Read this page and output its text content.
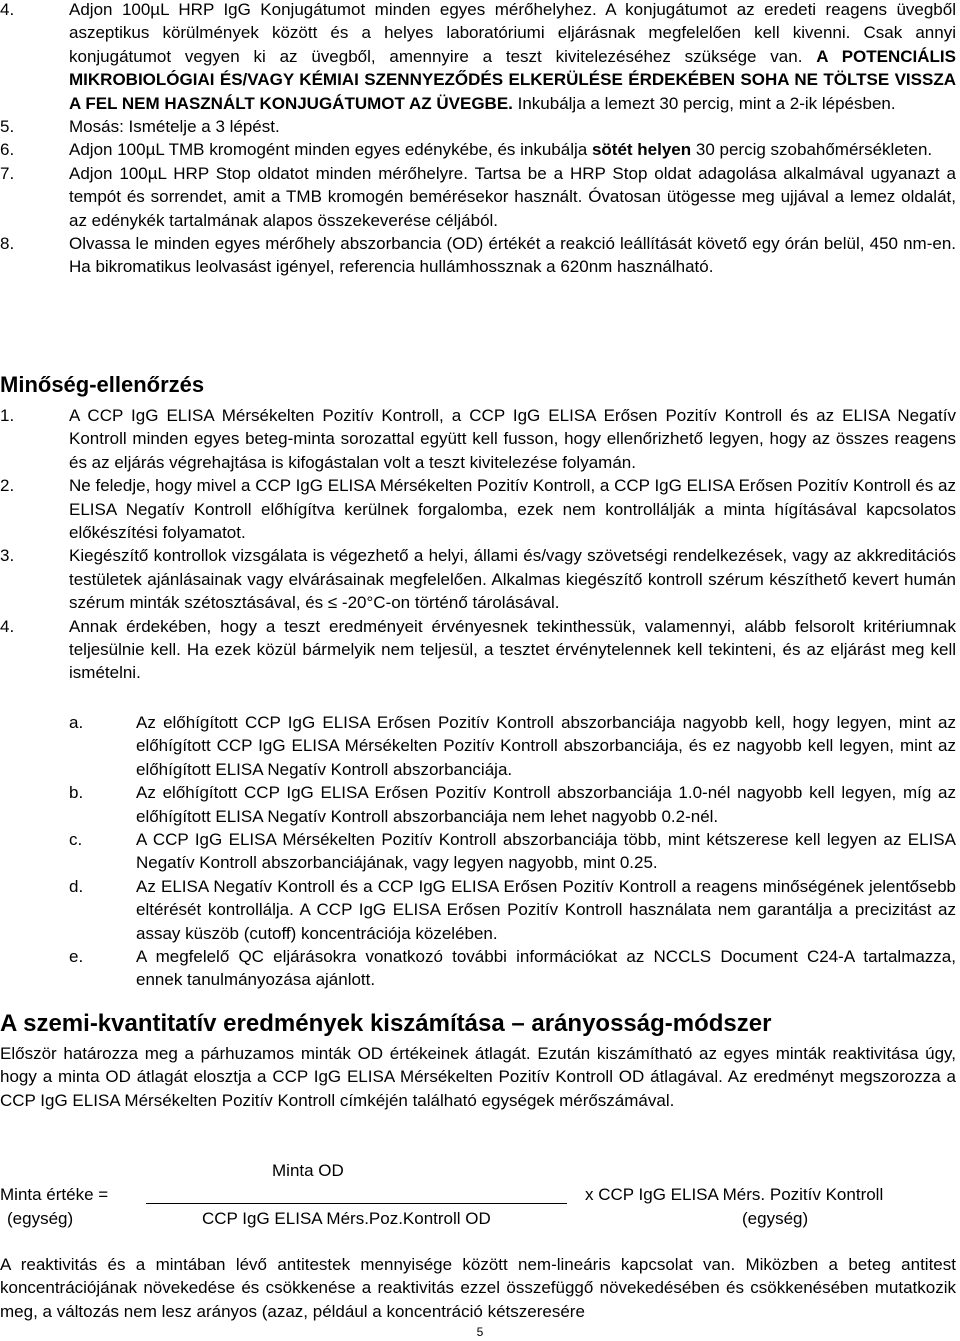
4.	Adjon 100µL HRP IgG Konjugátumot minden egyes mérőhelyhez. A konjugátumot az eredeti reagens üvegből aszeptikus körülmények között és a helyes laboratóriumi eljárásnak megfelelően kell kivenni. Csak annyi konjugátumot vegyen ki az üvegből, amennyire a teszt kivitelezéséhez szüksége van. A POTENCIÁLIS MIKROBIOLÓGIAI ÉS/VAGY KÉMIAI SZENNYEZŐDÉS ELKERÜLÉSE ÉRDEKÉBEN SOHA NE TÖLTSE VISSZA A FEL NEM HASZNÁLT KONJUGÁTUMOT AZ ÜVEGBE. Inkubálja a lemezt 30 percig, mint a 2-ik lépésben.
5.	Mosás: Ismételje a 3 lépést.
6.	Adjon 100µL TMB kromogént minden egyes edénykébe, és inkubálja sötét helyen 30 percig szobahőmérsékleten.
7.	Adjon 100µL HRP Stop oldatot minden mérőhelyre. Tartsa be a HRP Stop oldat adagolása alkalmával ugyanazt a tempót és sorrendet, amit a TMB kromogén bemérésekor használt. Óvatosan ütögesse meg ujjával a lemez oldalát, az edénykék tartalmának alapos összekeverése céljából.
8.	Olvassa le minden egyes mérőhely abszorbancia (OD) értékét a reakció leállítását követő egy órán belül, 450 nm-en. Ha bikromatikus leolvasást igényel, referencia hullámhossznak a 620nm használható.
Minőség-ellenőrzés
1.	A CCP IgG ELISA Mérsékelten Pozitív Kontroll, a CCP IgG ELISA Erősen Pozitív Kontroll és az ELISA Negatív Kontroll minden egyes beteg-minta sorozattal együtt kell fusson, hogy ellenőrizhető legyen, hogy az összes reagens és az eljárás végrehajtása is kifogástalan volt a teszt kivitelezése folyamán.
2.	Ne feledje, hogy mivel a CCP IgG ELISA Mérsékelten Pozitív Kontroll, a CCP IgG ELISA Erősen Pozitív Kontroll és az ELISA Negatív Kontroll előhígítva kerülnek forgalomba, ezek nem kontrollálják a minta hígításával kapcsolatos előkészítési folyamatot.
3.	Kiegészítő kontrollok vizsgálata is végezhető a helyi, állami és/vagy szövetségi rendelkezések, vagy az akkreditációs testületek ajánlásainak vagy elvárásainak megfelelően. Alkalmas kiegészítő kontroll szérum készíthető kevert humán szérum minták szétosztásával, és ≤ -20°C-on történő tárolásával.
4.	Annak érdekében, hogy a teszt eredményeit érvényesnek tekinthessük, valamennyi, alább felsorolt kritériumnak teljesülnie kell. Ha ezek közül bármelyik nem teljesül, a tesztet érvénytelennek kell tekinteni, és az eljárást meg kell ismételni.
a.	Az előhígított CCP IgG ELISA Erősen Pozitív Kontroll abszorbanciája nagyobb kell, hogy legyen, mint az előhígított CCP IgG ELISA Mérsékelten Pozitív Kontroll abszorbanciája, és ez nagyobb kell legyen, mint az előhígított ELISA Negatív Kontroll abszorbanciája.
b.	Az előhígított CCP IgG ELISA Erősen Pozitív Kontroll abszorbanciája 1.0-nél nagyobb kell legyen, míg az előhígított ELISA Negatív Kontroll abszorbanciája nem lehet nagyobb 0.2-nél.
c.	A CCP IgG ELISA Mérsékelten Pozitív Kontroll abszorbanciája több, mint kétszerese kell legyen az ELISA Negatív Kontroll abszorbanciájának, vagy legyen nagyobb, mint 0.25.
d.	Az ELISA Negatív Kontroll és a CCP IgG ELISA Erősen Pozitív Kontroll a reagens minőségének jelentősebb eltérését kontrollálja. A CCP IgG ELISA Erősen Pozitív Kontroll használata nem garantálja a precizitást az assay küszöb (cutoff) koncentrációja közelében.
e.	A megfelelő QC eljárásokra vonatkozó további információkat az NCCLS Document C24-A tartalmazza, ennek tanulmányozása ajánlott.
A szemi-kvantitatív eredmények kiszámítása – arányosság-módszer

Először határozza meg a párhuzamos minták OD értékeinek átlagát. Ezután kiszámítható az egyes minták reaktivitása úgy, hogy a minta OD átlagát elosztja a CCP IgG ELISA Mérsékelten Pozitív Kontroll OD átlagával. Az eredményt megszorozza a CCP IgG ELISA Mérsékelten Pozitív Kontroll címkéjén található egységek mérőszámával.

Minta OD
Minta értéke =	x CCP IgG ELISA Mérs. Pozitív Kontroll
(egység)	CCP IgG ELISA Mérs.Poz.Kontroll OD	(egység)

A reaktivitás és a mintában lévő antitestek mennyisége között nem-lineáris kapcsolat van. Miközben a beteg antitest koncentrációjának növekedése és csökkenése a reaktivitás ezzel összefüggő növekedésében és csökkenésében mutatkozik meg, a változás nem lesz arányos (azaz, például a koncentráció kétszeresére

5
